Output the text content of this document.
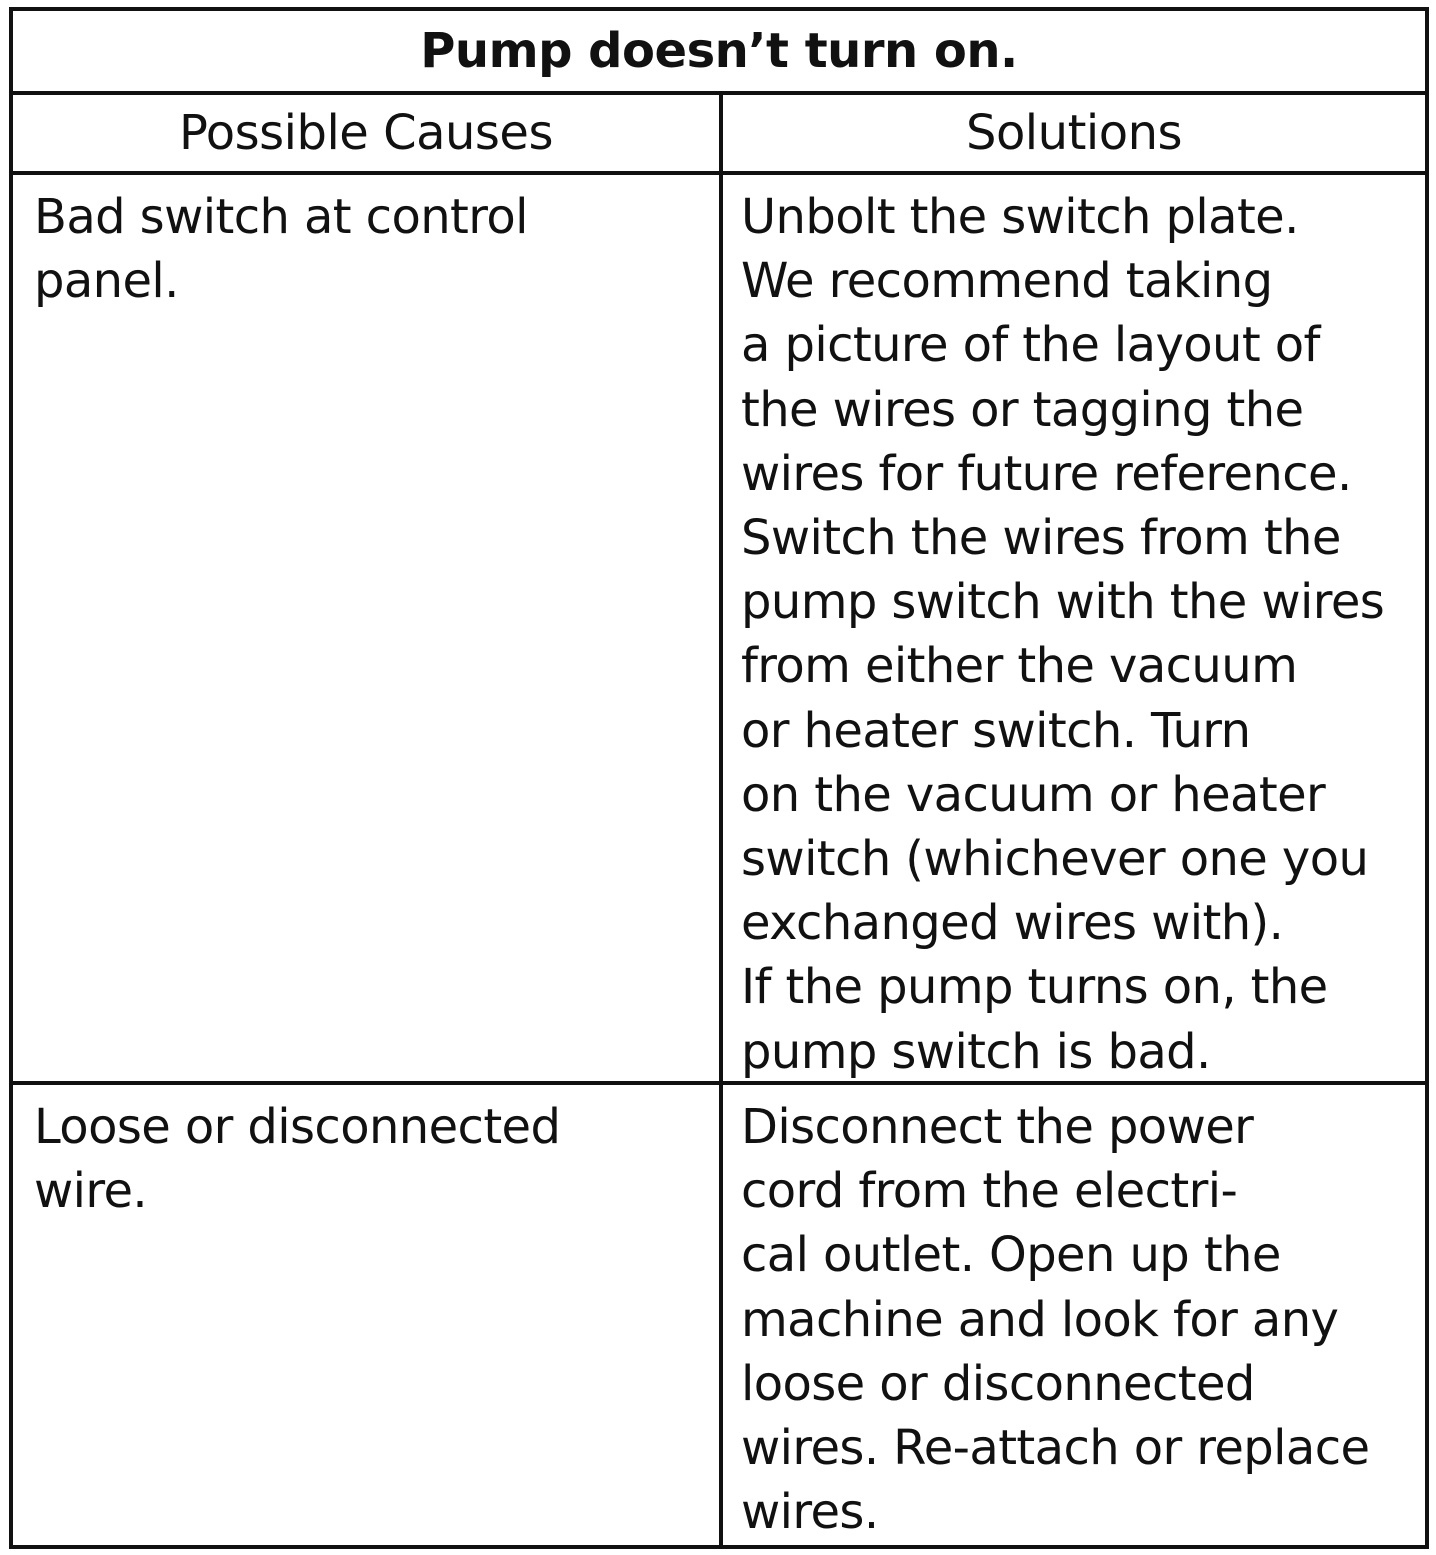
Pump doesn’t turn on.
Possible Causes	Solutions
Bad switch at control
panel.
Unbolt the switch plate.
We recommend taking
a picture of the layout of
the wires or tagging the
wires for future reference.
Switch the wires from the
pump switch with the wires
from either the vacuum
or heater switch. Turn
on the vacuum or heater
switch (whichever one you
exchanged wires with).
If the pump turns on, the
pump switch is bad.
Loose or disconnected
wire.
Disconnect the power
cord from the electri-
cal outlet. Open up the
machine and look for any
loose or disconnected
wires. Re-attach or replace
wires.
